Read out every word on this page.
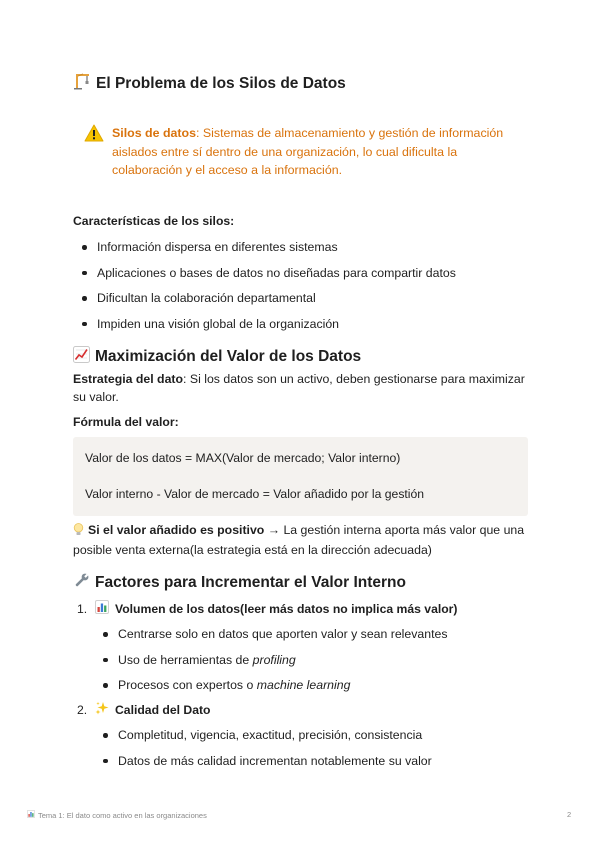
El Problema de los Silos de Datos
Silos de datos: Sistemas de almacenamiento y gestión de información aislados entre sí dentro de una organización, lo cual dificulta la colaboración y el acceso a la información.
Características de los silos:
Información dispersa en diferentes sistemas
Aplicaciones o bases de datos no diseñadas para compartir datos
Dificultan la colaboración departamental
Impiden una visión global de la organización
Maximización del Valor de los Datos
Estrategia del dato: Si los datos son un activo, deben gestionarse para maximizar su valor.
Fórmula del valor:
Valor de los datos = MAX(Valor de mercado; Valor interno)
Valor interno - Valor de mercado = Valor añadido por la gestión
Si el valor añadido es positivo → La gestión interna aporta más valor que una posible venta externa(la estrategia está en la dirección adecuada)
Factores para Incrementar el Valor Interno
1. Volumen de los datos(leer más datos no implica más valor)
Centrarse solo en datos que aporten valor y sean relevantes
Uso de herramientas de profiling
Procesos con expertos o machine learning
2. Calidad del Dato
Completitud, vigencia, exactitud, precisión, consistencia
Datos de más calidad incrementan notablemente su valor
Tema 1: El dato como activo en las organizaciones	2
